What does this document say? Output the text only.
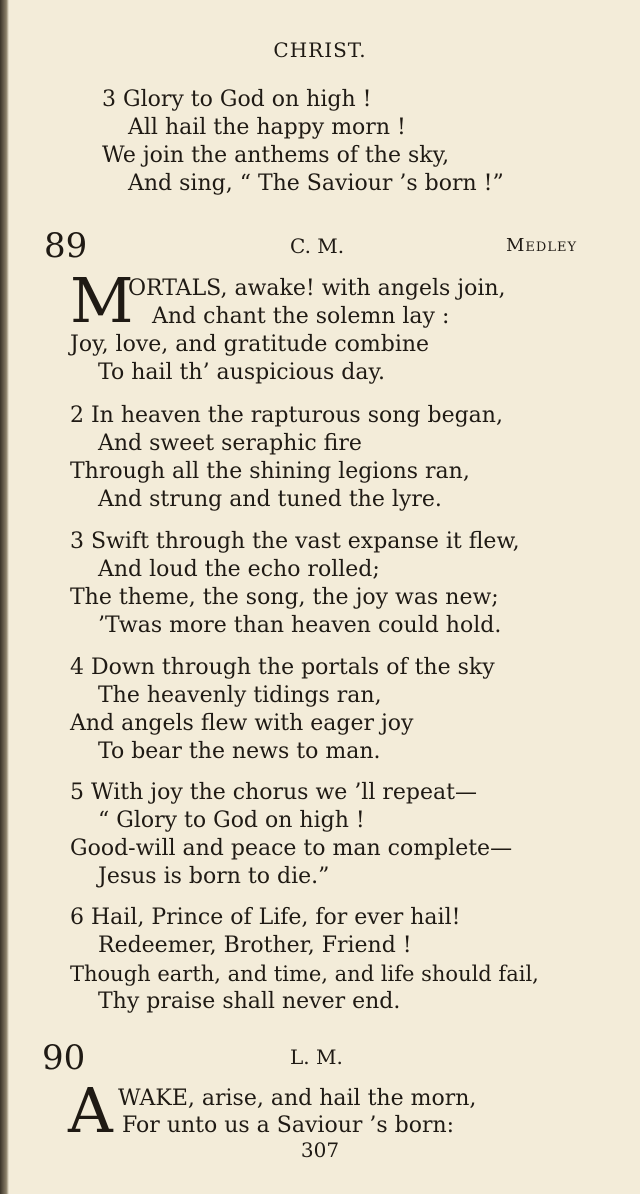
CHRIST.
3 Glory to God on high !
All hail the happy morn !
We join the anthems of the sky,
And sing, “ The Saviour ’s born !”
89	C. M.	Medley
M
ORTALS, awake! with angels join,
And chant the solemn lay :
Joy, love, and gratitude combine
To hail th’ auspicious day.
2 In heaven the rapturous song began,
And sweet seraphic fire
Through all the shining legions ran,
And strung and tuned the lyre.
3 Swift through the vast expanse it flew,
And loud the echo rolled;
The theme, the song, the joy was new;
’Twas more than heaven could hold.
4 Down through the portals of the sky
The heavenly tidings ran,
And angels flew with eager joy
To bear the news to man.
5 With joy the chorus we ’ll repeat—
“ Glory to God on high !
Good-will and peace to man complete—
Jesus is born to die.”
6 Hail, Prince of Life, for ever hail!
Redeemer, Brother, Friend !
Though earth, and time, and life should fail,
Thy praise shall never end.
90	L. M.
A WAKE, arise, and hail the morn,
For unto us a Saviour ’s born:
307
